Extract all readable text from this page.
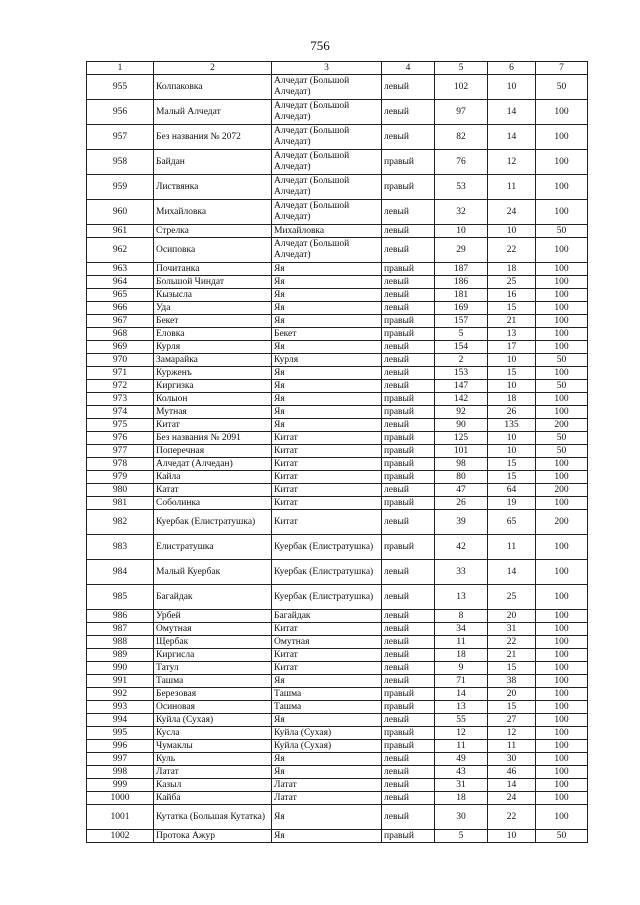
756
1	2	3	4	5	6	7
955	Колпаковка	Алчедат (Большой Алчедат)	левый	102	10	50
956	Малый Алчедат	Алчедат (Большой Алчедат)	левый	97	14	100
957	Без названия № 2072	Алчедат (Большой Алчедат)	левый	82	14	100
958	Байдан	Алчедат (Большой Алчедат)	правый	76	12	100
959	Листвянка	Алчедат (Большой Алчедат)	правый	53	11	100
960	Михайловка	Алчедат (Большой Алчедат)	левый	32	24	100
961	Стрелка	Михайловка	левый	10	10	50
962	Осиповка	Алчедат (Большой Алчедат)	левый	29	22	100
963	Почитанка	Яя	правый	187	18	100
964	Большой Чиндат	Яя	левый	186	25	100
965	Кызысла	Яя	левый	181	16	100
966	Уда	Яя	левый	169	15	100
967	Бекет	Яя	правый	157	21	100
968	Еловка	Бекет	правый	5	13	100
969	Курля	Яя	левый	154	17	100
970	Замарайка	Курля	левый	2	10	50
971	Курженъ	Яя	левый	153	15	100
972	Киргизка	Яя	левый	147	10	50
973	Колыон	Яя	правый	142	18	100
974	Мутная	Яя	правый	92	26	100
975	Китат	Яя	левый	90	135	200
976	Без названия № 2091	Китат	правый	125	10	50
977	Поперечная	Китат	правый	101	10	50
978	Алчедат (Алчедан)	Китат	правый	98	15	100
979	Кайла	Китат	правый	80	15	100
980	Катат	Китат	левый	47	64	200
981	Соболинка	Китат	правый	26	19	100
982	Куербак (Елистратушка)	Китат	левый	39	65	200
983	Елистратушка	Куербак (Елистратушка)	правый	42	11	100
984	Малый Куербак	Куербак (Елистратушка)	левый	33	14	100
985	Багайдак	Куербак (Елистратушка)	левый	13	25	100
986	Урбей	Багайдак	левый	8	20	100
987	Омутная	Китат	левый	34	31	100
988	Щербак	Омутная	левый	11	22	100
989	Киргисла	Китат	левый	18	21	100
990	Татул	Китат	левый	9	15	100
991	Ташма	Яя	левый	71	38	100
992	Березовая	Ташма	правый	14	20	100
993	Осиновая	Ташма	правый	13	15	100
994	Куйла (Сухая)	Яя	левый	55	27	100
995	Кусла	Куйла (Сухая)	правый	12	12	100
996	Чумаклы	Куйла (Сухая)	правый	11	11	100
997	Куль	Яя	левый	49	30	100
998	Латат	Яя	левый	43	46	100
999	Казыл	Латат	левый	31	14	100
1000	Кайба	Латат	левый	18	24	100
1001	Кутатка (Большая Кутатка)	Яя	левый	30	22	100
1002	Протока Ажур	Яя	правый	5	10	50
